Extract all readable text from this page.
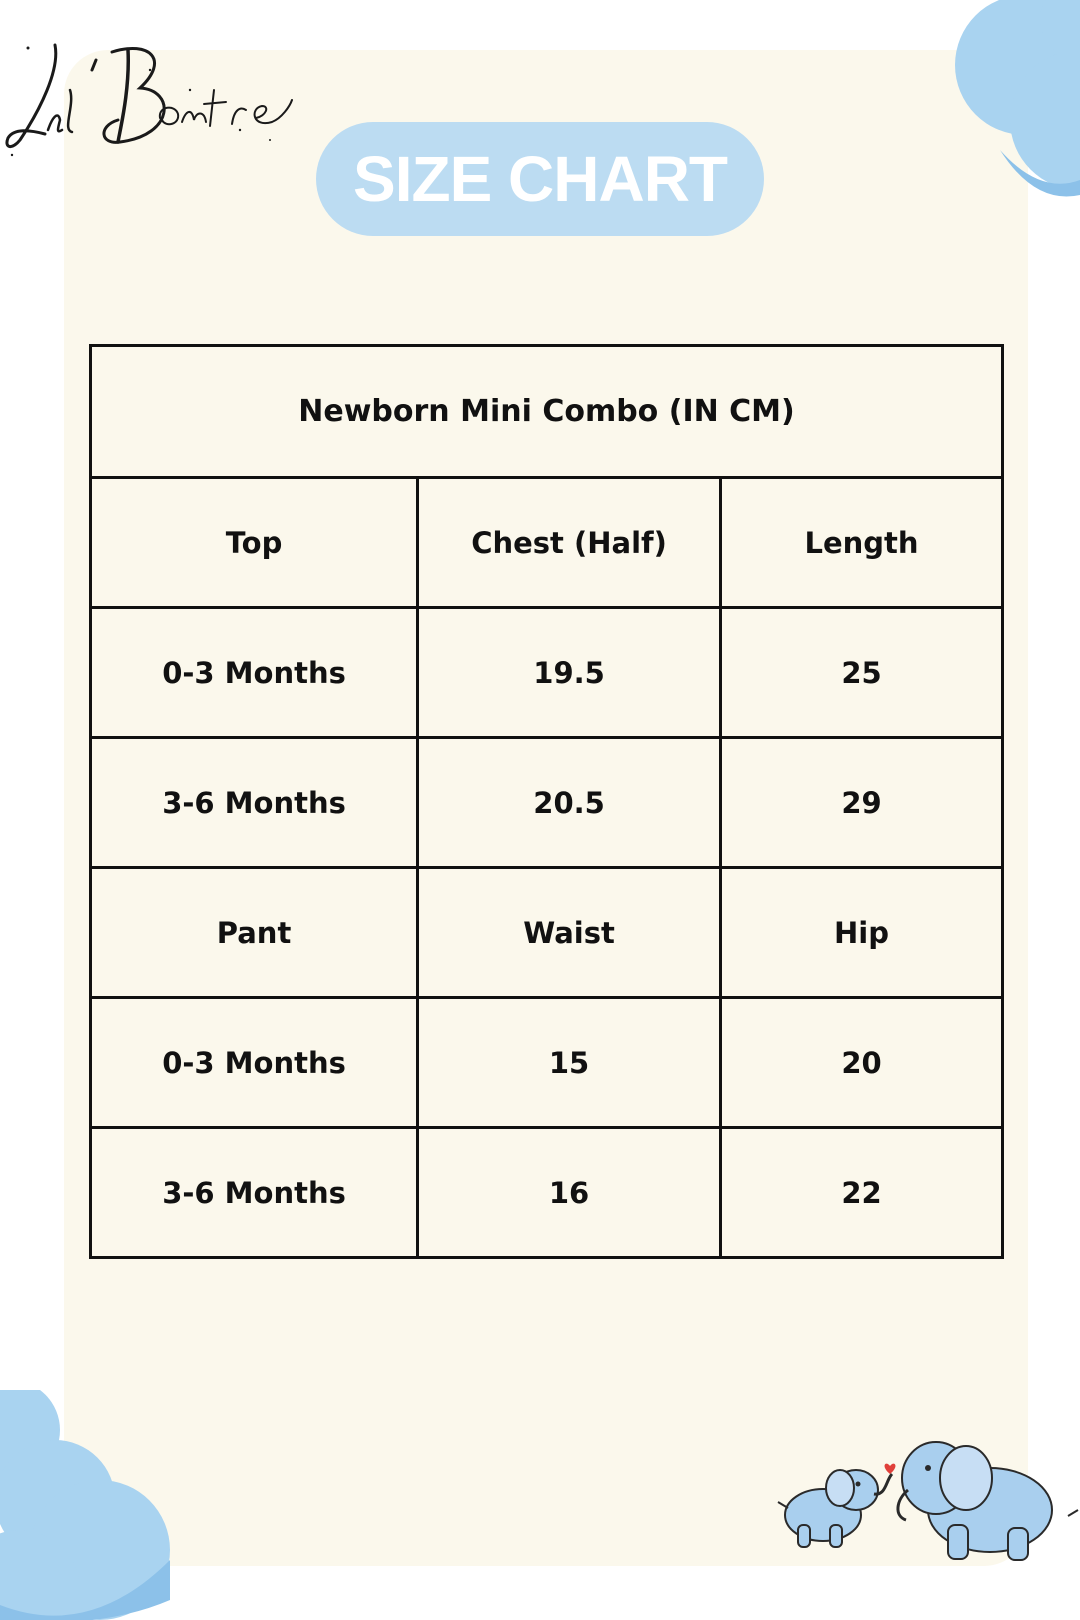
SIZE CHART
Newborn Mini Combo (IN CM)		
Top	Chest (Half)	Length
0-3 Months	19.5	25
3-6 Months	20.5	29
Pant	Waist	Hip
0-3 Months	15	20
3-6 Months	16	22
